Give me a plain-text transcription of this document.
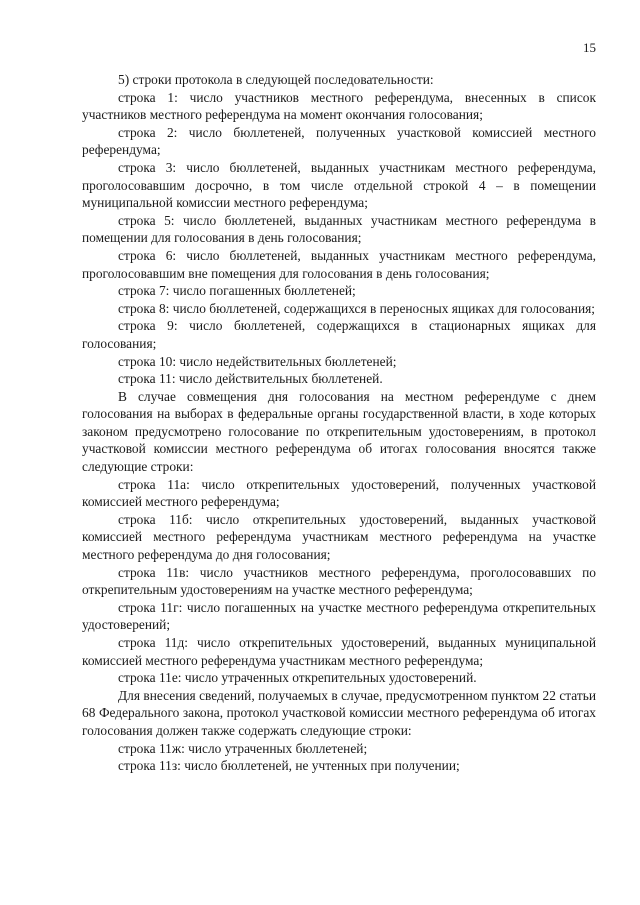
15

5) строки протокола в следующей последовательности:

строка 1: число участников местного референдума, внесенных в список участников местного референдума на момент окончания голосования;

строка 2: число бюллетеней, полученных участковой комиссией местного референдума;

строка 3: число бюллетеней, выданных участникам местного референдума, проголосовавшим досрочно, в том числе отдельной строкой 4 – в помещении муниципальной комиссии местного референдума;

строка 5: число бюллетеней, выданных участникам местного референдума в помещении для голосования в день голосования;

строка 6: число бюллетеней, выданных участникам местного референдума, проголосовавшим вне помещения для голосования в день голосования;

строка 7: число погашенных бюллетеней;

строка 8: число бюллетеней, содержащихся в переносных ящиках для голосования;

строка 9: число бюллетеней, содержащихся в стационарных ящиках для голосования;

строка 10: число недействительных бюллетеней;

строка 11: число действительных бюллетеней.

В случае совмещения дня голосования на местном референдуме с днем голосования на выборах в федеральные органы государственной власти, в ходе которых законом предусмотрено голосование по открепительным удостоверениям, в протокол участковой комиссии местного референдума об итогах голосования вносятся также следующие строки:

строка 11а: число открепительных удостоверений, полученных участковой комиссией местного референдума;

строка 11б: число открепительных удостоверений, выданных участковой комиссией местного референдума участникам местного референдума на участке местного референдума до дня голосования;

строка 11в: число участников местного референдума, проголосовавших по открепительным удостоверениям на участке местного референдума;

строка 11г: число погашенных на участке местного референдума открепительных удостоверений;

строка 11д: число открепительных удостоверений, выданных муниципальной комиссией местного референдума участникам местного референдума;

строка 11е: число утраченных открепительных удостоверений.

Для внесения сведений, получаемых в случае, предусмотренном пунктом 22 статьи 68 Федерального закона, протокол участковой комиссии местного референдума об итогах голосования должен также содержать следующие строки:

строка 11ж: число утраченных бюллетеней;

строка 11з: число бюллетеней, не учтенных при получении;
